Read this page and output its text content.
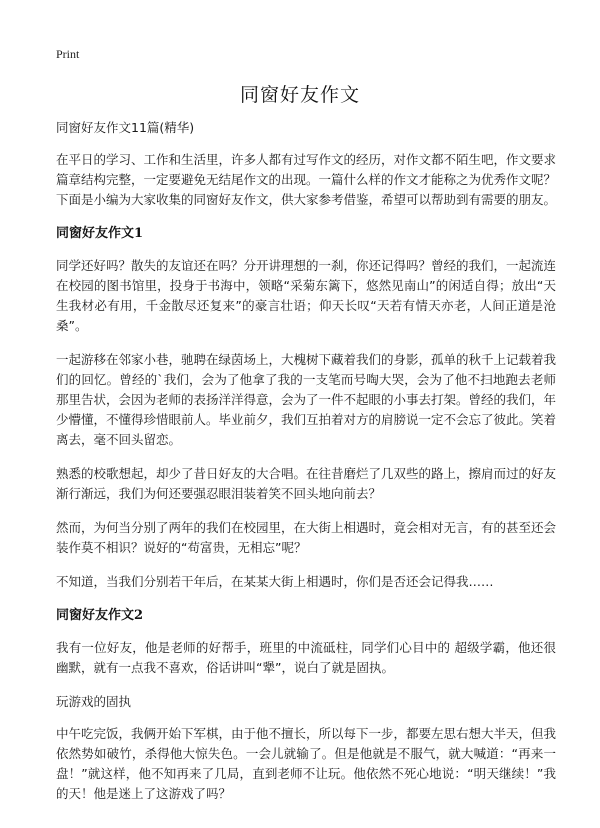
Print
同窗好友作文
同窗好友作文11篇(精华)

在平日的学习、工作和生活里，许多人都有过写作文的经历，对作文都不陌生吧，作文要求篇章结构完整，一定要避免无结尾作文的出现。一篇什么样的作文才能称之为优秀作文呢？下面是小编为大家收集的同窗好友作文，供大家参考借鉴，希望可以帮助到有需要的朋友。

同窗好友作文1

同学还好吗？散失的友谊还在吗？分开讲理想的一刹，你还记得吗？曾经的我们，一起流连在校园的图书馆里，投身于书海中，领略“采菊东篱下，悠然见南山”的闲适自得；放出“天生我材必有用，千金散尽还复来”的豪言壮语；仰天长叹“天若有情天亦老，人间正道是沧桑”。

一起游移在邻家小巷，驰聘在绿茵场上，大槐树下藏着我们的身影，孤单的秋千上记载着我们的回忆。曾经的`我们，会为了他拿了我的一支笔而号啕大哭，会为了他不扫地跑去老师那里告状，会因为老师的表扬洋洋得意，会为了一件不起眼的小事去打架。曾经的我们，年少懵懂，不懂得珍惜眼前人。毕业前夕，我们互拍着对方的肩膀说一定不会忘了彼此。笑着离去，毫不回头留恋。

熟悉的校歌想起，却少了昔日好友的大合唱。在往昔磨烂了几双些的路上，擦肩而过的好友渐行渐远，我们为何还要强忍眼泪装着笑不回头地向前去？

然而，为何当分别了两年的我们在校园里，在大街上相遇时，竟会相对无言，有的甚至还会装作莫不相识？说好的“苟富贵，无相忘”呢？

不知道，当我们分别若干年后，在某某大街上相遇时，你们是否还会记得我……

同窗好友作文2

我有一位好友，他是老师的好帮手，班里的中流砥柱，同学们心目中的 超级学霸，他还很幽默，就有一点我不喜欢，俗话讲叫“犟”，说白了就是固执。

玩游戏的固执

中午吃完饭，我俩开始下军棋，由于他不擅长，所以每下一步，都要左思右想大半天，但我依然势如破竹，杀得他大惊失色。一会儿就输了。但是他就是不服气，就大喊道：“再来一盘！”就这样，他不知再来了几局，直到老师不让玩。他依然不死心地说：“明天继续！”我的天！他是迷上了这游戏了吗？
